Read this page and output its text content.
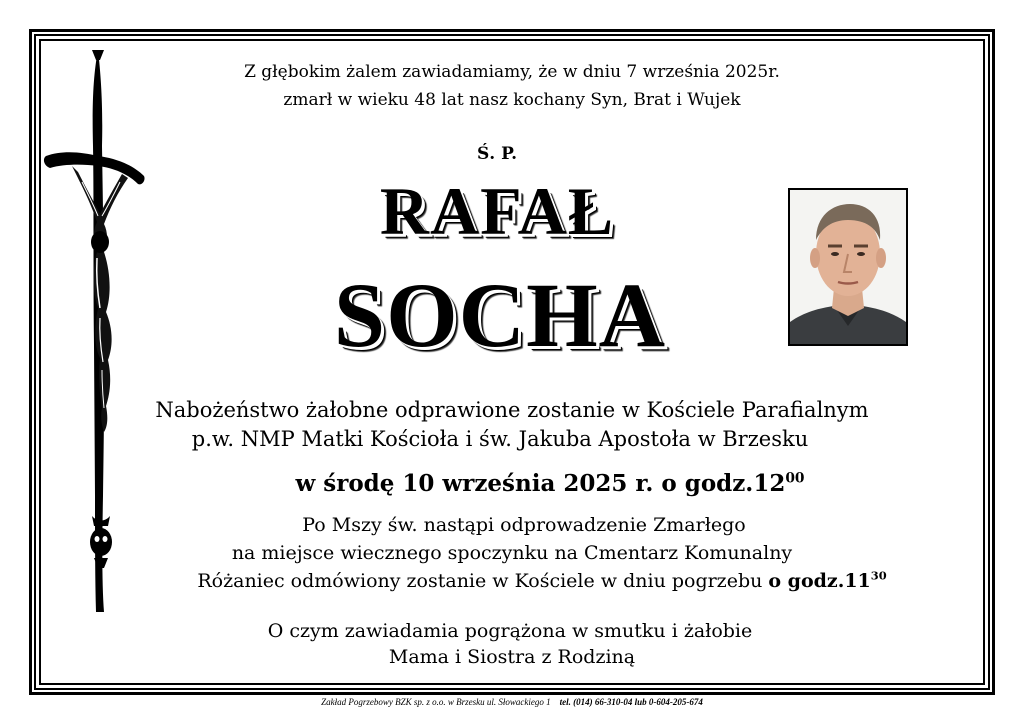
Z głębokim żalem zawiadamiamy, że w dniu 7 września 2025r.
zmarł w wieku 48 lat nasz kochany Syn, Brat i Wujek
Ś. P.
RAFAŁ
SOCHA
Nabożeństwo żałobne odprawione zostanie w Kościele Parafialnym
p.w. NMP Matki Kościoła i św. Jakuba Apostoła w Brzesku
w środę 10 września 2025 r. o $godz.12^{00}$
Po Mszy św. nastąpi odprowadzenie Zmarłego
na miejsce wiecznego spoczynku na Cmentarz Komunalny
Różaniec odmówiony zostanie w Kościele w dniu pogrzebu o $godz.11^{30}$
O czym zawiadamia pogrążona w smutku i żałobie
Mama i Siostra z Rodziną
Zakład Pogrzebowy BZK sp. z o.o. w Brzesku ul. Słowackiego 1 tel. (014) 66-310-04 lub 0-604-205-674
